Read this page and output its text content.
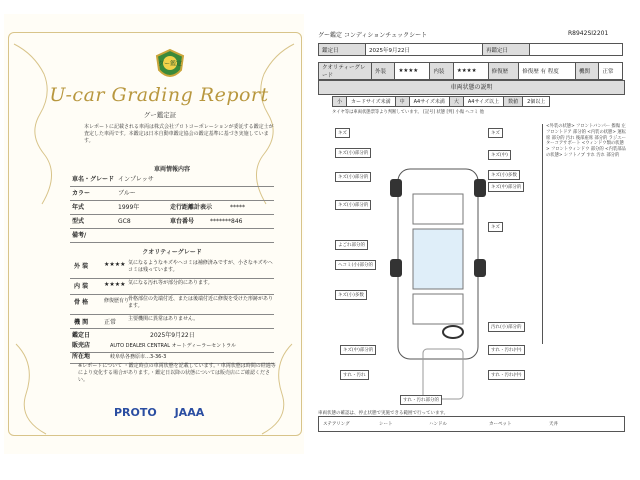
グー鑑定
U-car Grading Report
グー鑑定証
本レポートに記載される車両は株式会社プロトコーポレーションが委託する鑑定士が査定した車両です。本鑑定は日本自動車鑑定協会の鑑定基準に基づき実施しています。
車両情報内容
車名・グレード インプレッサ
カラー	ブルー
年式	1999年	走行距離計表示	*****
型式	GC8	車台番号	*******846
備考/
クオリティーグレード
外 装	★★★★ 気になるようなキズやヘコミは補修済みですが、小さなキズやヘコミは残っています。
内 装	★★★★ 気になる汚れ等が部分的にあります。
骨 格	修復歴有り
骨格部位の先端付近、または後端付近に修復を受けた形跡があります。
機 関	正常 主要機関に異常はありません。
鑑定日	2025年9月22日
販売店	AUTO DEALER CENTRAL オートディーラーセントラル
所在地	岐阜県各務原市…3-36-3
※レポートについて ・鑑定時点の車両状態を記載しています。・車両状態は時間の経過等により変化する場合があります。・鑑定日以降の状態については販売店にご確認ください。
PROTO JAAA
グー鑑定 コンディションチェックシート	R8942SI2201
鑑定日	2025年9月22日	再鑑定日	
クオリティーグレード	外装	★★★★	内装	★★★★	修復歴	修復歴 有 程度	機関	正常
車両状態の説明
小	カードサイズ未満	中	A4サイズ未満	大	A4サイズ以上	数値	2個以上
タイヤ等は車両状態票等より判断しています。 [記号] 状態 [判] 小傷 ヘコミ 他
キズ
キズ(小)部分的
キズ(小)部分的
キズ
キズ(中)
キズ(小)多数
キズ(中)部分的
キズ(小)部分的
よごれ部分的
キズ
ヘコミ(小)部分的
キズ(小)多数
キズ(中)部分的
汚れ(小)部分的
すれ・汚れ(中)
すれ・汚れ(中)
すれ・汚れ
すれ・汚れ部分的
<外装の状態> フロントバンパー 擦傷 左フロントドア 部分的 <内装の状態> 運転席 部分的 汚れ 後部座席 部分的 ラジエーターコアサポート <ウィンドウ類の状態> フロントウィンドウ 部分的 <内装部品の状態> シフトノブ すれ 汚れ 部分的
車両状態の確認は、停止状態で実施できる範囲で行っています。
ステアリング	シート	ハンドル	カーペット	天井
